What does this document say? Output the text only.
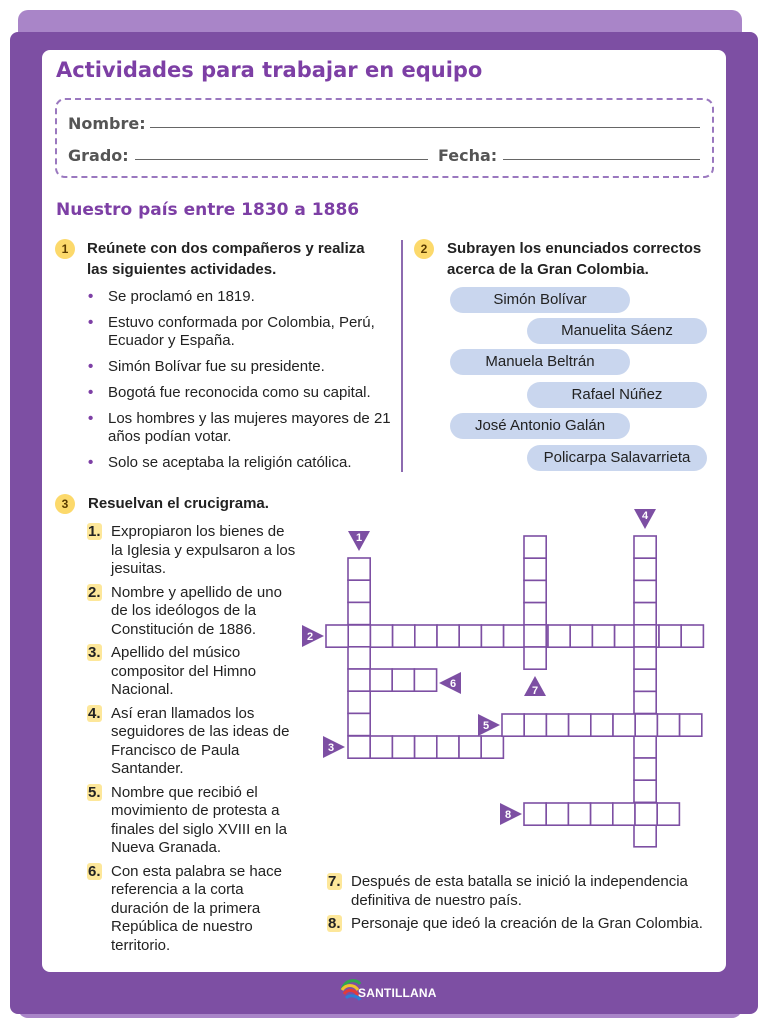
Actividades para trabajar en equipo
Nombre:
Grado:	Fecha:
Nuestro país entre 1830 a 1886
1	Reúnete con dos compañeros y realiza las siguientes actividades.
• Se proclamó en 1819.
• Estuvo conformada por Colombia, Perú, Ecuador y España.
• Simón Bolívar fue su presidente.
• Bogotá fue reconocida como su capital.
• Los hombres y las mujeres mayores de 21 años podían votar.
• Solo se aceptaba la religión católica.
2	Subrayen los enunciados correctos acerca de la Gran Colombia.
Simón Bolívar
Manuelita Sáenz
Manuela Beltrán
Rafael Núñez
José Antonio Galán
Policarpa Salavarrieta
3	Resuelvan el crucigrama.
1. Expropiaron los bienes de la Iglesia y expulsaron a los jesuitas.
2. Nombre y apellido de uno de los ideólogos de la Constitución de 1886.
3. Apellido del músico compositor del Himno Nacional.
4. Así eran llamados los seguidores de las ideas de Francisco de Paula Santander.
5. Nombre que recibió el movimiento de protesta a finales del siglo XVIII en la Nueva Granada.
6. Con esta palabra se hace referencia a la corta duración de la primera República de nuestro territorio.
7. Después de esta batalla se inició la independencia definitiva de nuestro país.
8. Personaje que ideó la creación de la Gran Colombia.
1
2
3
4
5
6
7
8
SANTILLANA
